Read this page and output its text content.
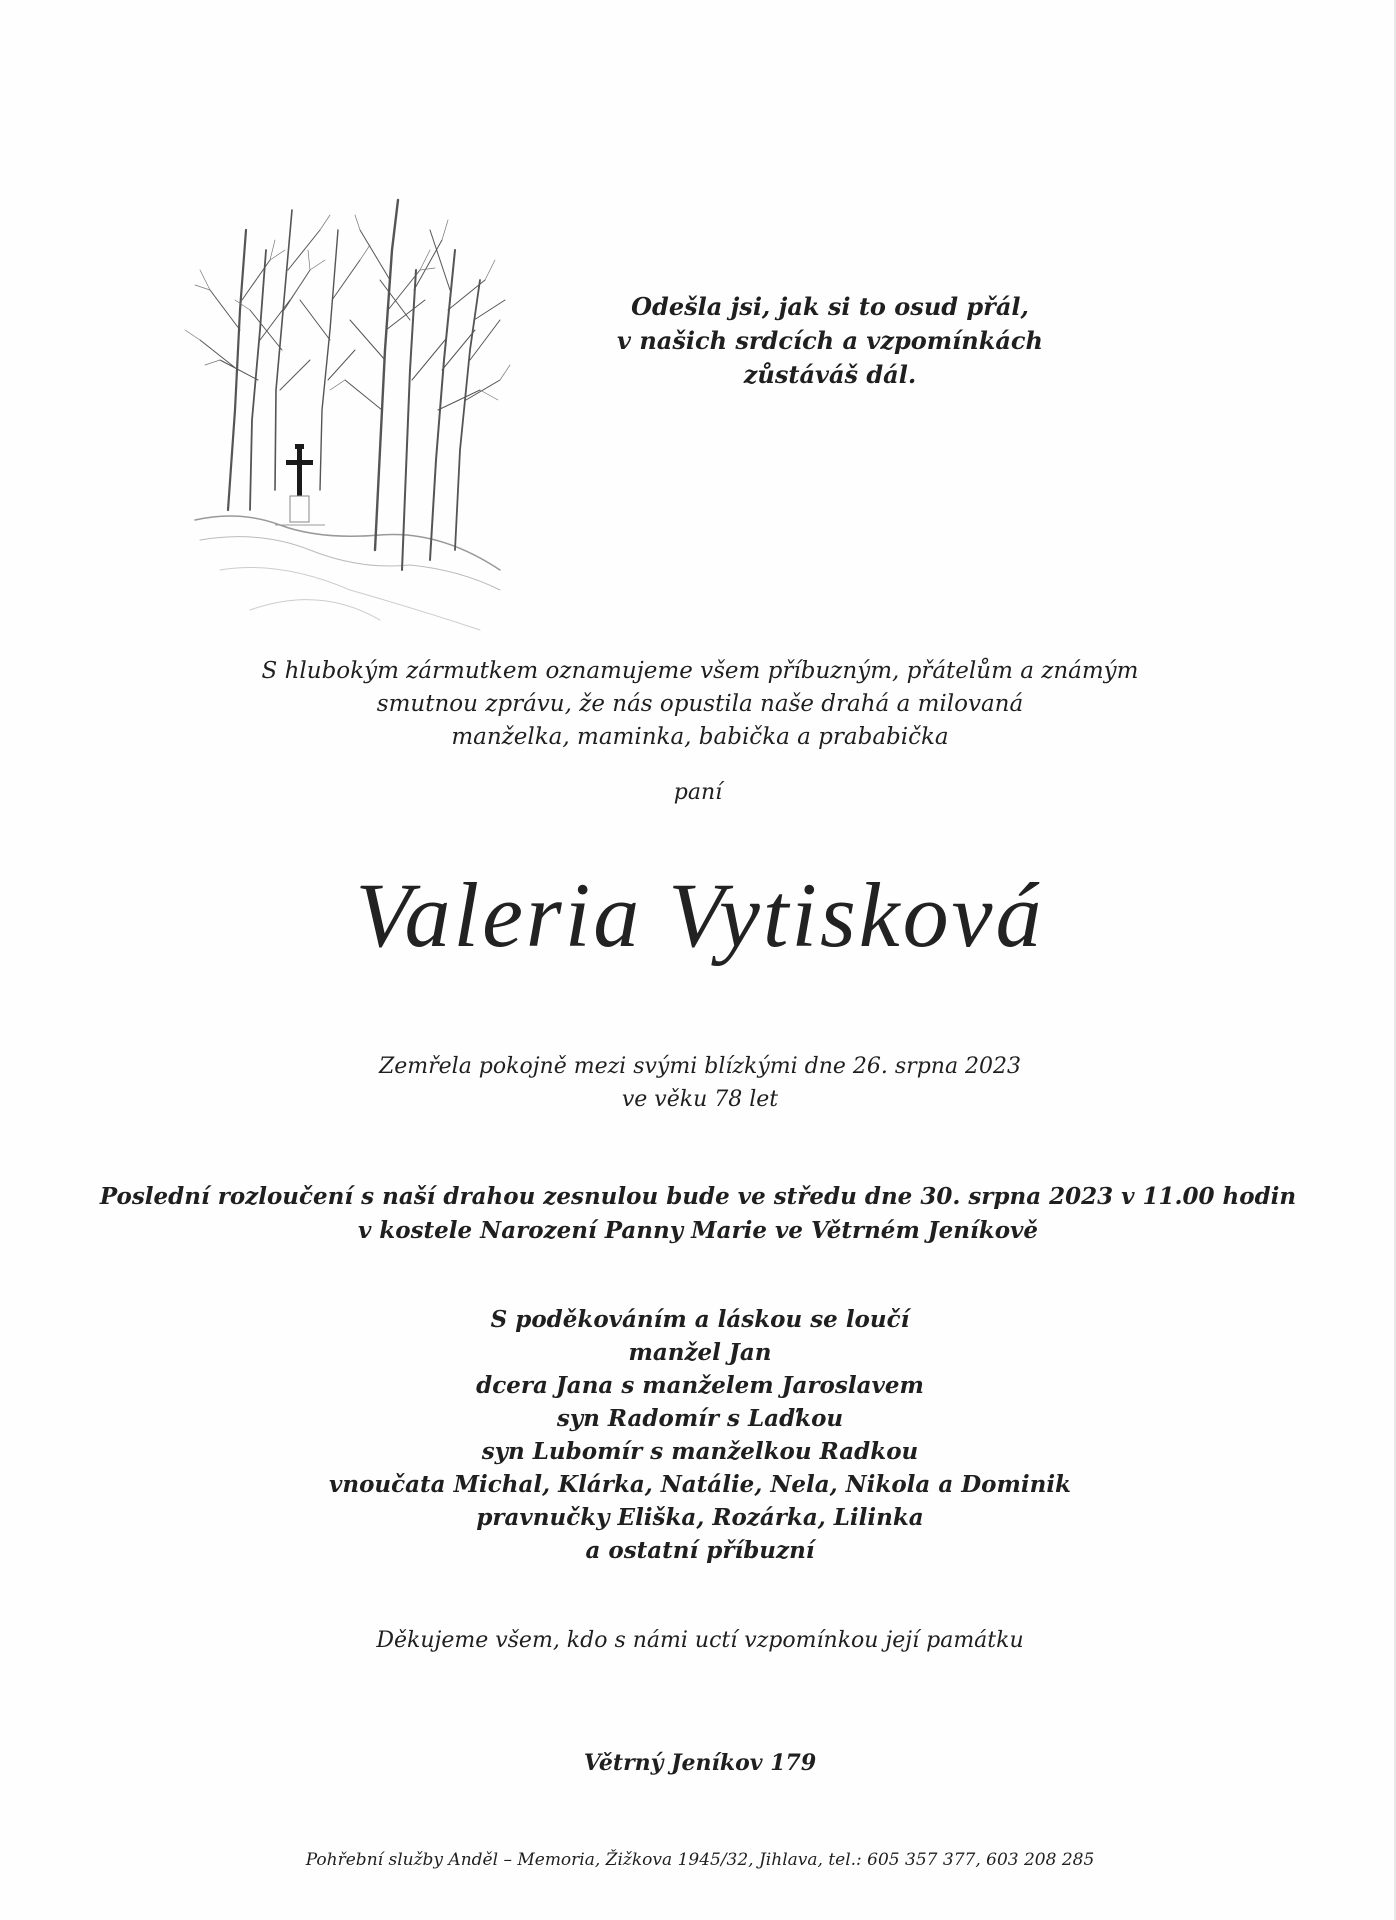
Odešla jsi, jak si to osud přál,
v našich srdcích a vzpomínkách
zůstáváš dál.
S hlubokým zármutkem oznamujeme všem příbuzným, přátelům a známým
smutnou zprávu, že nás opustila naše drahá a milovaná
manželka, maminka, babička a prababička
paní
Valeria Vytisková
Zemřela pokojně mezi svými blízkými dne 26. srpna 2023
ve věku 78 let
Poslední rozloučení s naší drahou zesnulou bude ve středu dne 30. srpna 2023 v 11.00 hodin
v kostele Narození Panny Marie ve Větrném Jeníkově
S poděkováním a láskou se loučí
manžel Jan
dcera Jana s manželem Jaroslavem
syn Radomír s Laďkou
syn Lubomír s manželkou Radkou
vnoučata Michal, Klárka, Natálie, Nela, Nikola a Dominik
pravnučky Eliška, Rozárka, Lilinka
a ostatní příbuzní
Děkujeme všem, kdo s námi uctí vzpomínkou její památku
Větrný Jeníkov 179
Pohřební služby Anděl – Memoria, Žižkova 1945/32, Jihlava, tel.: 605 357 377, 603 208 285
